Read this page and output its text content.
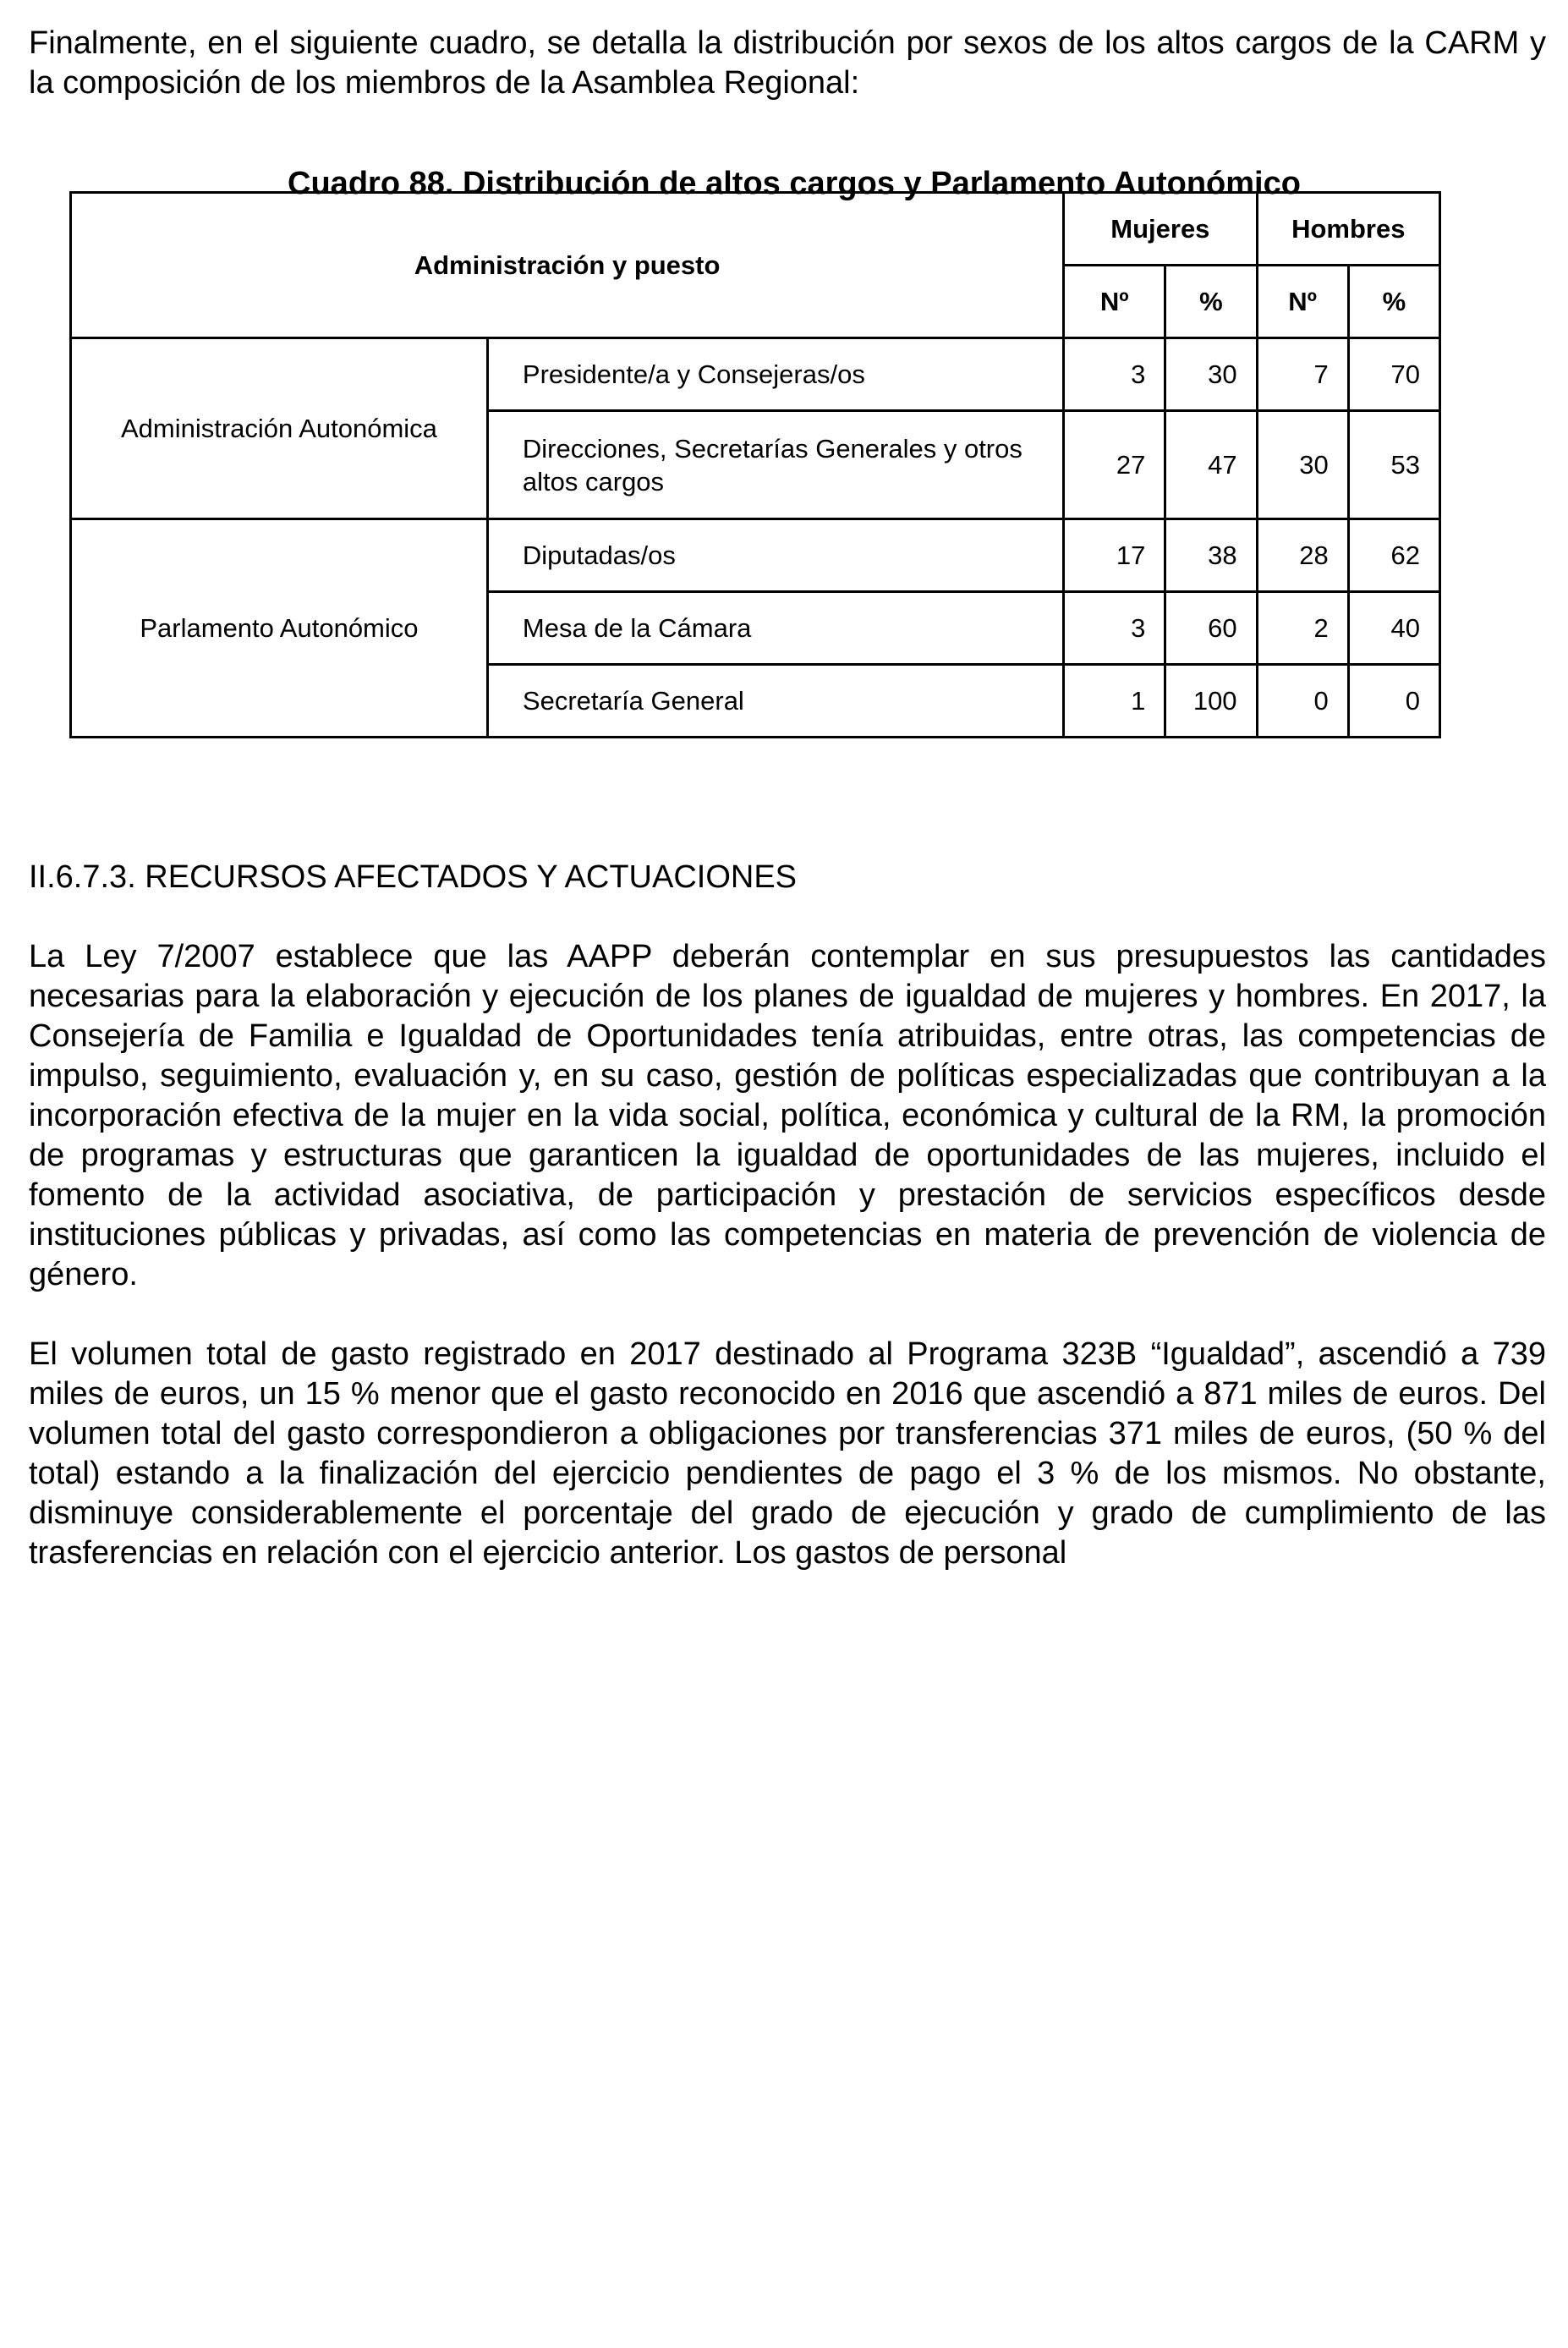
Finalmente, en el siguiente cuadro, se detalla la distribución por sexos de los altos cargos de la CARM y la composición de los miembros de la Asamblea Regional:

Cuadro 88. Distribución de altos cargos y Parlamento Autonómico
Administración y puesto		Mujeres		Hombres	
		Nº	%	Nº	%
Administración Autonómica	Presidente/a y Consejeras/os	3	30	7	70
	Direcciones, Secretarías Generales y otros altos cargos	27	47	30	53
Parlamento Autonómico	Diputadas/os	17	38	28	62
	Mesa de la Cámara	3	60	2	40
	Secretaría General	1	100	0	0

II.6.7.3. RECURSOS AFECTADOS Y ACTUACIONES

La Ley 7/2007 establece que las AAPP deberán contemplar en sus presupuestos las cantidades necesarias para la elaboración y ejecución de los planes de igualdad de mujeres y hombres. En 2017, la Consejería de Familia e Igualdad de Oportunidades tenía atribuidas, entre otras, las competencias de impulso, seguimiento, evaluación y, en su caso, gestión de políticas especializadas que contribuyan a la incorporación efectiva de la mujer en la vida social, política, económica y cultural de la RM, la promoción de programas y estructuras que garanticen la igualdad de oportunidades de las mujeres, incluido el fomento de la actividad asociativa, de participación y prestación de servicios específicos desde instituciones públicas y privadas, así como las competencias en materia de prevención de violencia de género.

El volumen total de gasto registrado en 2017 destinado al Programa 323B “Igualdad”, ascendió a 739 miles de euros, un 15 % menor que el gasto reconocido en 2016 que ascendió a 871 miles de euros. Del volumen total del gasto correspondieron a obligaciones por transferencias 371 miles de euros, (50 % del total) estando a la finalización del ejercicio pendientes de pago el 3 % de los mismos. No obstante, disminuye considerablemente el porcentaje del grado de ejecución y grado de cumplimiento de las trasferencias en relación con el ejercicio anterior. Los gastos de personal
